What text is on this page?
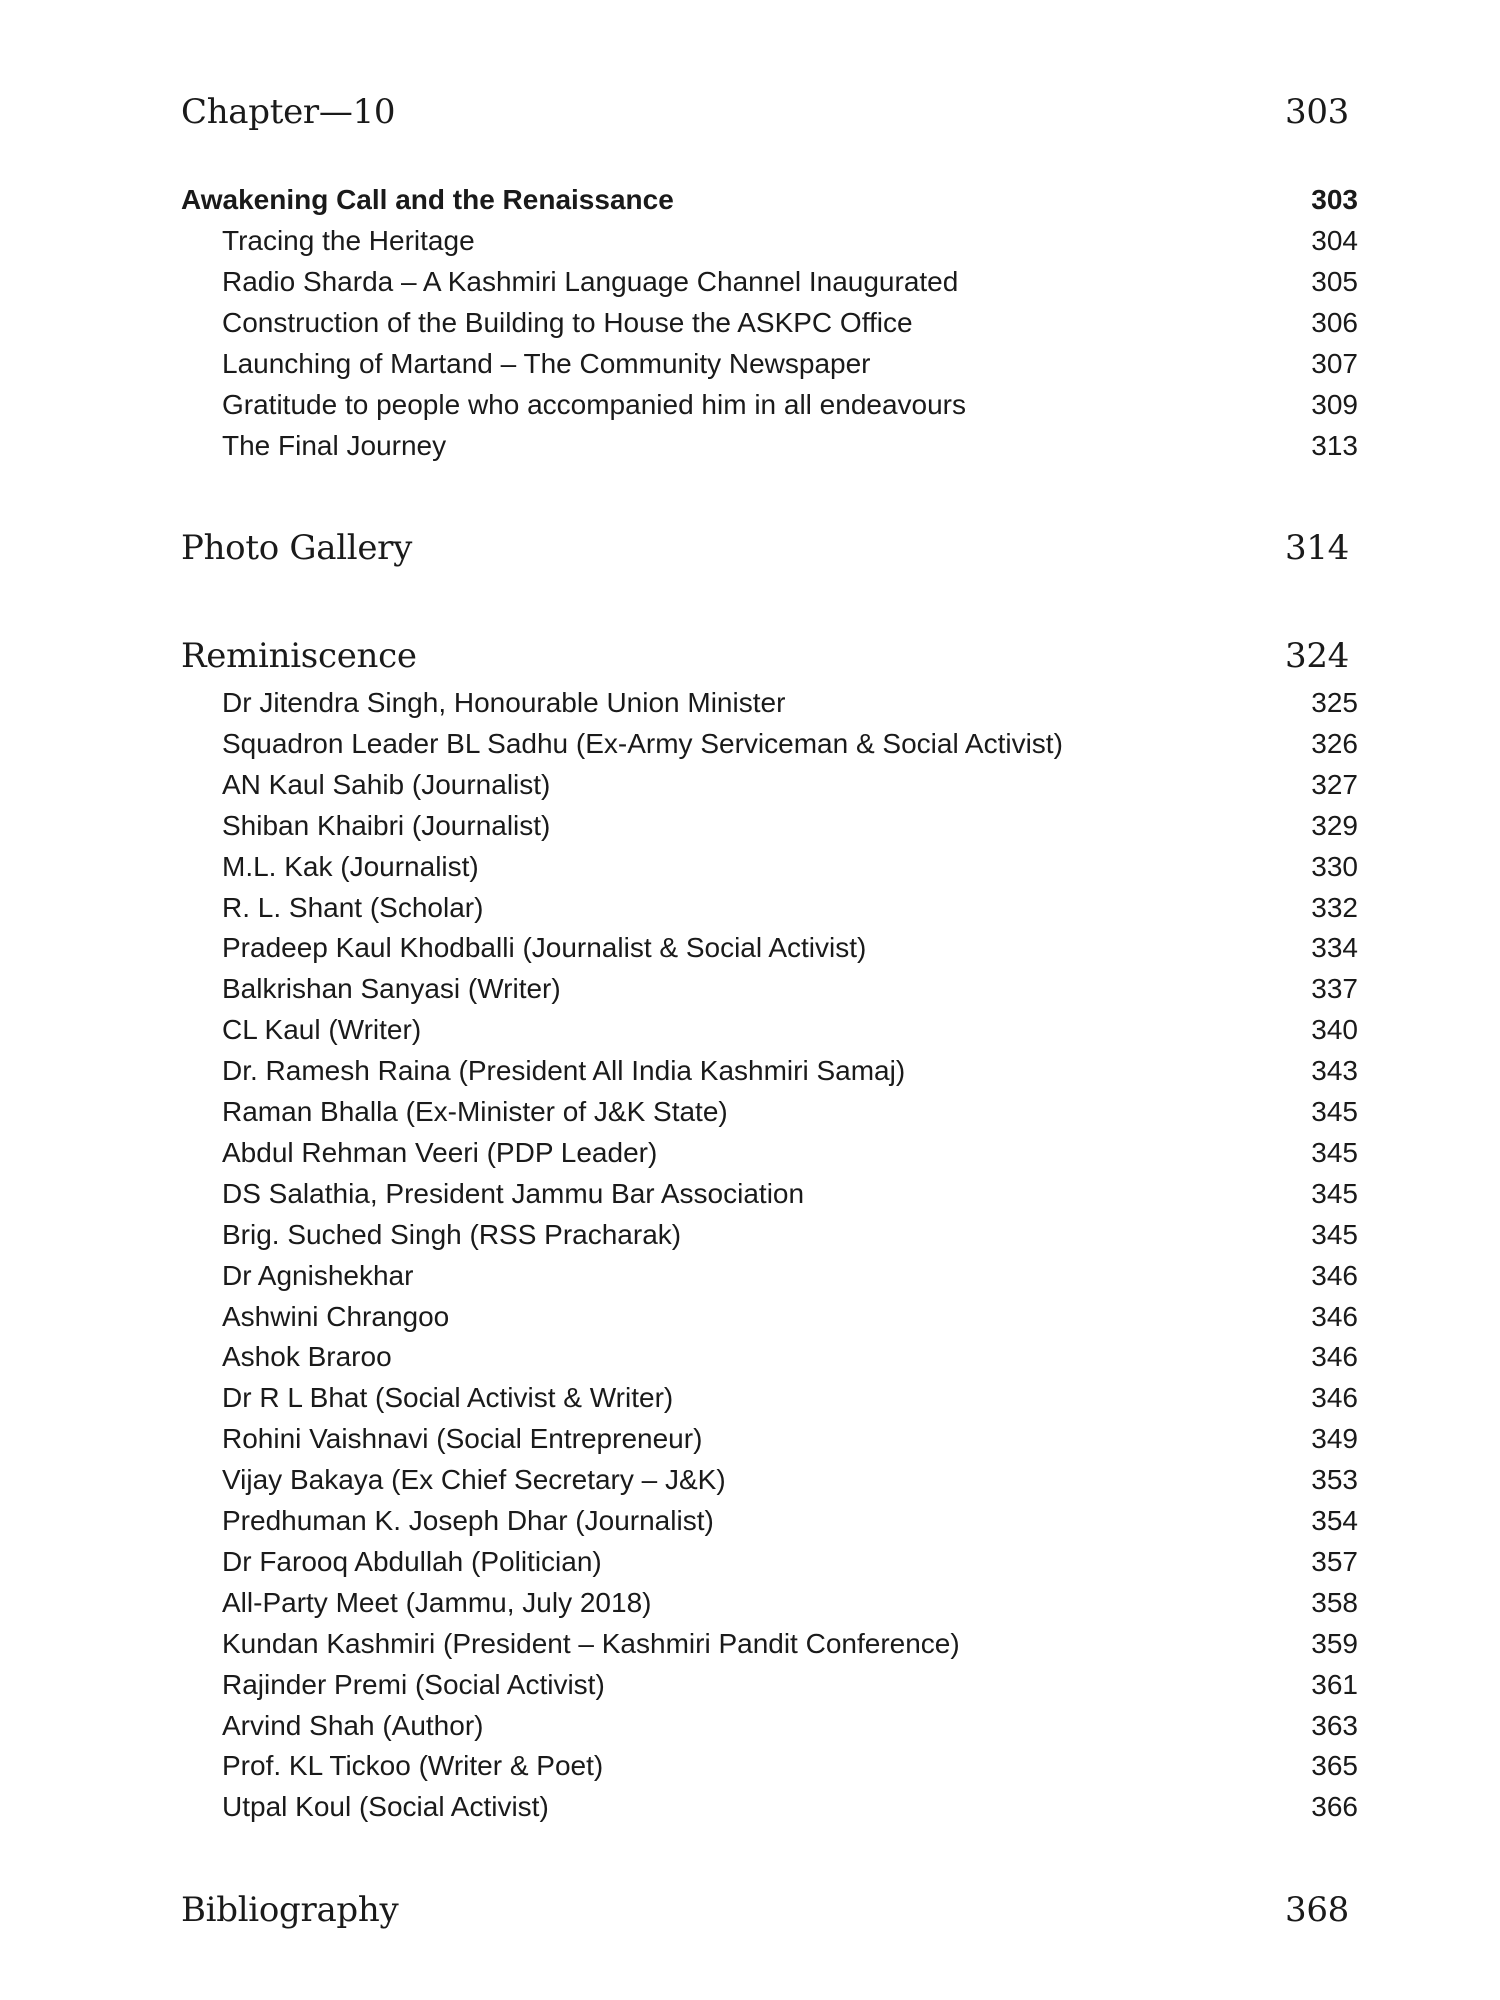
Chapter—10	303
Awakening Call and the Renaissance	303
Tracing the Heritage	304
Radio Sharda – A Kashmiri Language Channel Inaugurated	305
Construction of the Building to House the ASKPC Office	306
Launching of Martand – The Community Newspaper	307
Gratitude to people who accompanied him in all endeavours	309
The Final Journey	313
Photo Gallery	314
Reminiscence	324
Dr Jitendra Singh, Honourable Union Minister	325
Squadron Leader BL Sadhu (Ex-Army Serviceman & Social Activist)	326
AN Kaul Sahib (Journalist)	327
Shiban Khaibri (Journalist)	329
M.L. Kak (Journalist)	330
R. L. Shant (Scholar)	332
Pradeep Kaul Khodballi (Journalist & Social Activist)	334
Balkrishan Sanyasi (Writer)	337
CL Kaul (Writer)	340
Dr. Ramesh Raina (President All India Kashmiri Samaj)	343
Raman Bhalla (Ex-Minister of J&K State)	345
Abdul Rehman Veeri (PDP Leader)	345
DS Salathia, President Jammu Bar Association	345
Brig. Suched Singh (RSS Pracharak)	345
Dr Agnishekhar	346
Ashwini Chrangoo	346
Ashok Braroo	346
Dr R L Bhat (Social Activist & Writer)	346
Rohini Vaishnavi (Social Entrepreneur)	349
Vijay Bakaya (Ex Chief Secretary – J&K)	353
Predhuman K. Joseph Dhar (Journalist)	354
Dr Farooq Abdullah (Politician)	357
All-Party Meet (Jammu, July 2018)	358
Kundan Kashmiri (President – Kashmiri Pandit Conference)	359
Rajinder Premi (Social Activist)	361
Arvind Shah (Author)	363
Prof. KL Tickoo (Writer & Poet)	365
Utpal Koul (Social Activist)	366
Bibliography	368
